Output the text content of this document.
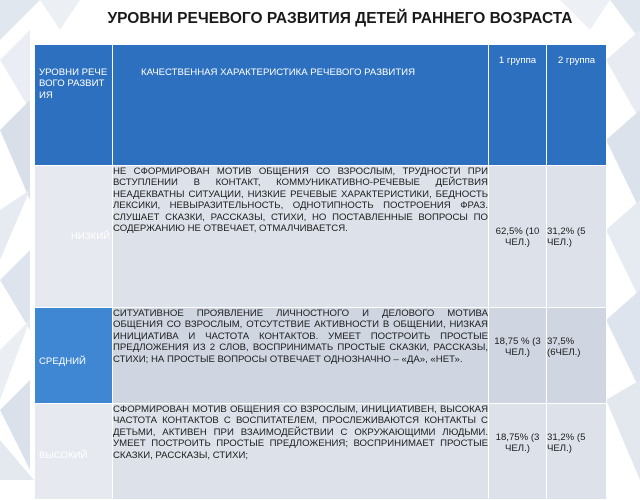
УРОВНИ РЕЧЕВОГО РАЗВИТИЯ ДЕТЕЙ РАННЕГО ВОЗРАСТА
УРОВНИ РЕЧЕВОГО РАЗВИТИЯ	КАЧЕСТВЕННАЯ ХАРАКТЕРИСТИКА РЕЧЕВОГО РАЗВИТИЯ	1 группа	2 группа

НИЗКИЙ	НЕ СФОРМИРОВАН МОТИВ ОБЩЕНИЯ СО ВЗРОСЛЫМ, ТРУДНОСТИ ПРИ ВСТУПЛЕНИИ В КОНТАКТ, КОММУНИКАТИВНО-РЕЧЕВЫЕ ДЕЙСТВИЯ НЕАДЕКВАТНЫ СИТУАЦИИ, НИЗКИЕ РЕЧЕВЫЕ ХАРАКТЕРИСТИКИ, БЕДНОСТЬ ЛЕКСИКИ, НЕВЫРАЗИТЕЛЬНОСТЬ, ОДНОТИПНОСТЬ ПОСТРОЕНИЯ ФРАЗ. СЛУШАЕТ СКАЗКИ, РАССКАЗЫ, СТИХИ, НО ПОСТАВЛЕННЫЕ ВОПРОСЫ ПО СОДЕРЖАНИЮ НЕ ОТВЕЧАЕТ, ОТМАЛЧИВАЕТСЯ.	62,5% (10 ЧЕЛ.)	31,2% (5 ЧЕЛ.)

СРЕДНИЙ	СИТУАТИВНОЕ ПРОЯВЛЕНИЕ ЛИЧНОСТНОГО И ДЕЛОВОГО МОТИВА ОБЩЕНИЯ СО ВЗРОСЛЫМ, ОТСУТСТВИЕ АКТИВНОСТИ В ОБЩЕНИИ, НИЗКАЯ ИНИЦИАТИВА И ЧАСТОТА КОНТАКТОВ. УМЕЕТ ПОСТРОИТЬ ПРОСТЫЕ ПРЕДЛОЖЕНИЯ ИЗ 2 СЛОВ, ВОСПРИНИМАТЬ ПРОСТЫЕ СКАЗКИ, РАССКАЗЫ, СТИХИ; НА ПРОСТЫЕ ВОПРОСЫ ОТВЕЧАЕТ ОДНОЗНАЧНО – «ДА», «НЕТ».	18,75 % (3 ЧЕЛ.)	37,5% (6ЧЕЛ.)

ВЫСОКИЙ	СФОРМИРОВАН МОТИВ ОБЩЕНИЯ СО ВЗРОСЛЫМ, ИНИЦИАТИВЕН, ВЫСОКАЯ ЧАСТОТА КОНТАКТОВ С ВОСПИТАТЕЛЕМ, ПРОСЛЕЖИВАЮТСЯ КОНТАКТЫ С ДЕТЬМИ, АКТИВЕН ПРИ ВЗАИМОДЕЙСТВИИ С ОКРУЖАЮЩИМИ ЛЮДЬМИ. УМЕЕТ ПОСТРОИТЬ ПРОСТЫЕ ПРЕДЛОЖЕНИЯ; ВОСПРИНИМАЕТ ПРОСТЫЕ СКАЗКИ, РАССКАЗЫ, СТИХИ;	18,75% (3 ЧЕЛ.)	31,2% (5 ЧЕЛ.)
